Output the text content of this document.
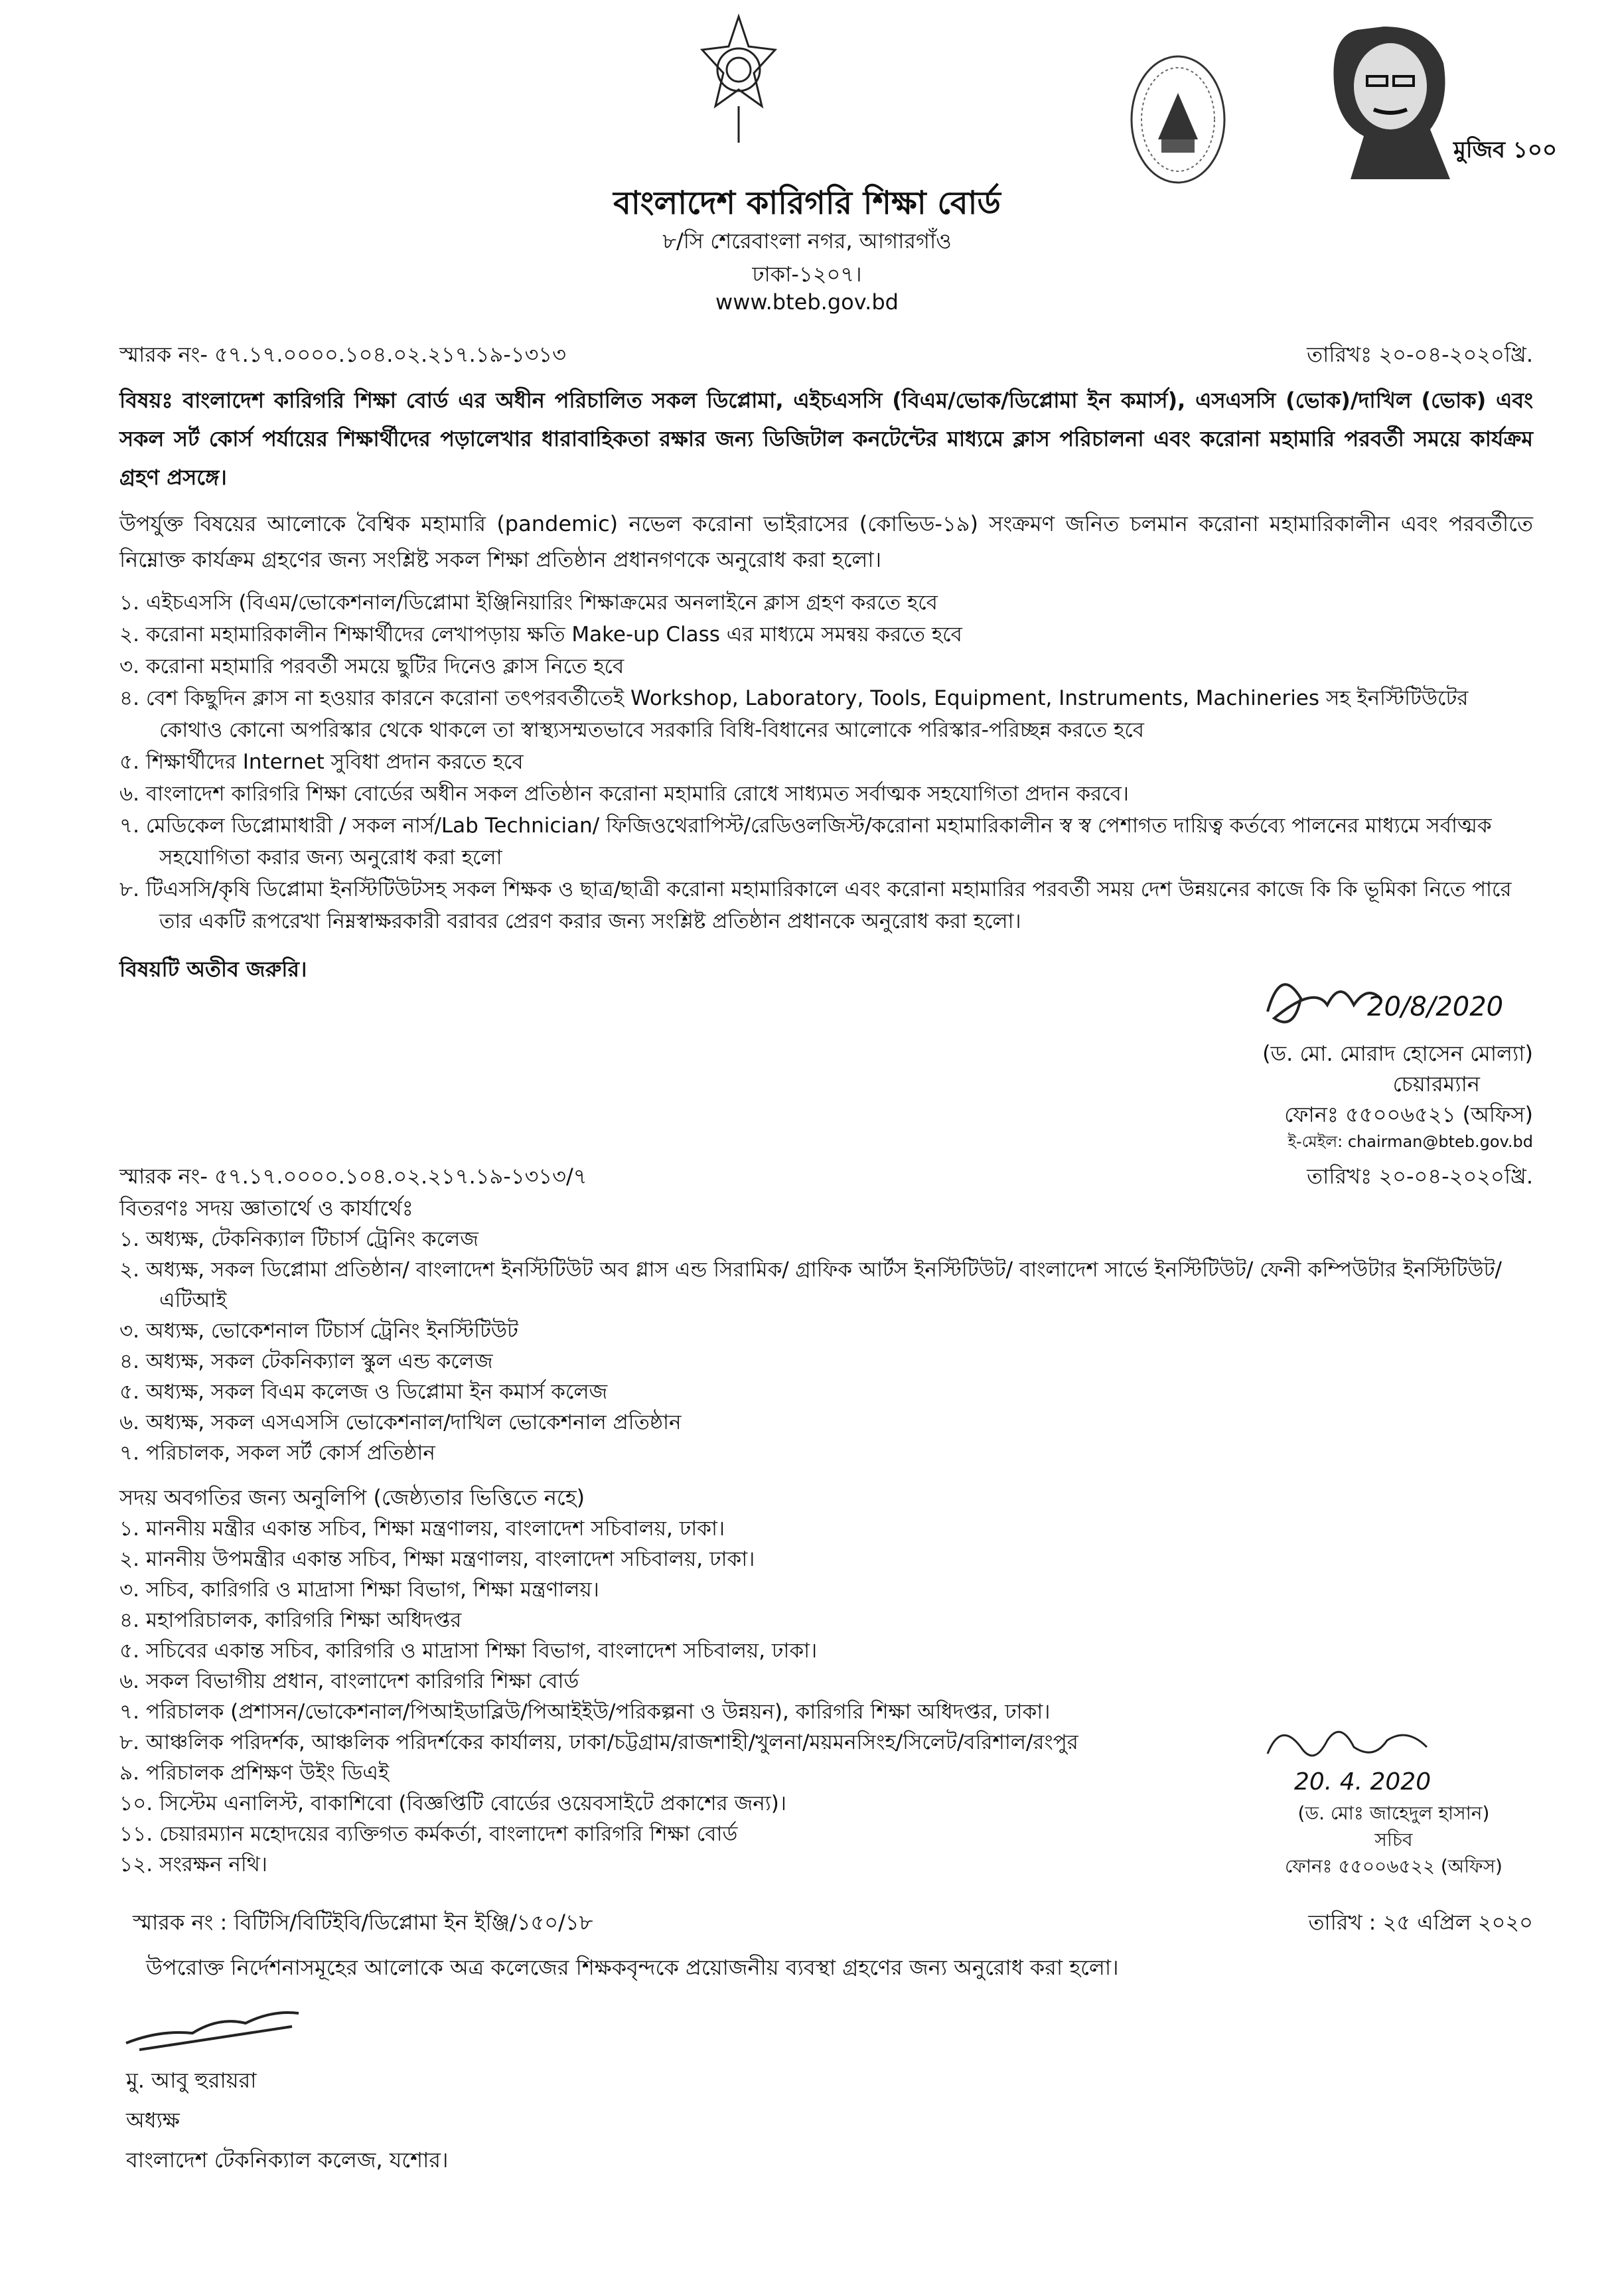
মুজিব ১০০
বাংলাদেশ কারিগরি শিক্ষা বোর্ড
৮/সি শেরেবাংলা নগর, আগারগাঁও
ঢাকা-১২০৭।
www.bteb.gov.bd
স্মারক নং- ৫৭.১৭.০০০০.১০৪.০২.২১৭.১৯-১৩১৩	তারিখঃ ২০-০৪-২০২০খ্রি.
বিষয়ঃ বাংলাদেশ কারিগরি শিক্ষা বোর্ড এর অধীন পরিচালিত সকল ডিপ্লোমা, এইচএসসি (বিএম/ভোক/ডিপ্লোমা ইন কমার্স), এসএসসি (ভোক)/দাখিল (ভোক) এবং সকল সর্ট কোর্স পর্যায়ের শিক্ষার্থীদের পড়ালেখার ধারাবাহিকতা রক্ষার জন্য ডিজিটাল কনটেন্টের মাধ্যমে ক্লাস পরিচালনা এবং করোনা মহামারি পরবর্তী সময়ে কার্যক্রম গ্রহণ প্রসঙ্গে।
উপর্যুক্ত বিষয়ের আলোকে বৈশ্বিক মহামারি (pandemic) নভেল করোনা ভাইরাসের (কোভিড-১৯) সংক্রমণ জনিত চলমান করোনা মহামারিকালীন এবং পরবর্তীতে নিম্নোক্ত কার্যক্রম গ্রহণের জন্য সংশ্লিষ্ট সকল শিক্ষা প্রতিষ্ঠান প্রধানগণকে অনুরোধ করা হলো।
১. এইচএসসি (বিএম/ভোকেশনাল/ডিপ্লোমা ইঞ্জিনিয়ারিং শিক্ষাক্রমের অনলাইনে ক্লাস গ্রহণ করতে হবে
২. করোনা মহামারিকালীন শিক্ষার্থীদের লেখাপড়ায় ক্ষতি Make-up Class এর মাধ্যমে সমন্বয় করতে হবে
৩. করোনা মহামারি পরবর্তী সময়ে ছুটির দিনেও ক্লাস নিতে হবে
৪. বেশ কিছুদিন ক্লাস না হওয়ার কারনে করোনা তৎপরবর্তীতেই Workshop, Laboratory, Tools, Equipment, Instruments, Machineries সহ ইনস্টিটিউটের কোথাও কোনো অপরিস্কার থেকে থাকলে তা স্বাস্থ্যসম্মতভাবে সরকারি বিধি-বিধানের আলোকে পরিস্কার-পরিচ্ছন্ন করতে হবে
৫. শিক্ষার্থীদের Internet সুবিধা প্রদান করতে হবে
৬. বাংলাদেশ কারিগরি শিক্ষা বোর্ডের অধীন সকল প্রতিষ্ঠান করোনা মহামারি রোধে সাধ্যমত সর্বাত্মক সহযোগিতা প্রদান করবে।
৭. মেডিকেল ডিপ্লোমাধারী / সকল নার্স/Lab Technician/ ফিজিওথেরাপিস্ট/রেডিওলজিস্ট/করোনা মহামারিকালীন স্ব স্ব পেশাগত দায়িত্ব কর্তব্যে পালনের মাধ্যমে সর্বাত্মক সহযোগিতা করার জন্য অনুরোধ করা হলো
৮. টিএসসি/কৃষি ডিপ্লোমা ইনস্টিটিউটসহ সকল শিক্ষক ও ছাত্র/ছাত্রী করোনা মহামারিকালে এবং করোনা মহামারির পরবর্তী সময় দেশ উন্নয়নের কাজে কি কি ভূমিকা নিতে পারে তার একটি রূপরেখা নিম্নস্বাক্ষরকারী বরাবর প্রেরণ করার জন্য সংশ্লিষ্ট প্রতিষ্ঠান প্রধানকে অনুরোধ করা হলো।
বিষয়টি অতীব জরুরি।
20/8/2020
(ড. মো. মোরাদ হোসেন মোল্যা)
চেয়ারম্যান
ফোনঃ ৫৫০০৬৫২১ (অফিস)
ই-মেইল: chairman@bteb.gov.bd
স্মারক নং- ৫৭.১৭.০০০০.১০৪.০২.২১৭.১৯-১৩১৩/৭	তারিখঃ ২০-০৪-২০২০খ্রি.
বিতরণঃ সদয় জ্ঞাতার্থে ও কার্যার্থেঃ
১. অধ্যক্ষ, টেকনিক্যাল টিচার্স ট্রেনিং কলেজ
২. অধ্যক্ষ, সকল ডিপ্লোমা প্রতিষ্ঠান/ বাংলাদেশ ইনস্টিটিউট অব গ্লাস এন্ড সিরামিক/ গ্রাফিক আর্টস ইনস্টিটিউট/ বাংলাদেশ সার্ভে ইনস্টিটিউট/ ফেনী কম্পিউটার ইনস্টিটিউট/ এটিআই
৩. অধ্যক্ষ, ভোকেশনাল টিচার্স ট্রেনিং ইনস্টিটিউট
৪. অধ্যক্ষ, সকল টেকনিক্যাল স্কুল এন্ড কলেজ
৫. অধ্যক্ষ, সকল বিএম কলেজ ও ডিপ্লোমা ইন কমার্স কলেজ
৬. অধ্যক্ষ, সকল এসএসসি ভোকেশনাল/দাখিল ভোকেশনাল প্রতিষ্ঠান
৭. পরিচালক, সকল সর্ট কোর্স প্রতিষ্ঠান
সদয় অবগতির জন্য অনুলিপি (জেষ্ঠ্যতার ভিত্তিতে নহে)
১. মাননীয় মন্ত্রীর একান্ত সচিব, শিক্ষা মন্ত্রণালয়, বাংলাদেশ সচিবালয়, ঢাকা।
২. মাননীয় উপমন্ত্রীর একান্ত সচিব, শিক্ষা মন্ত্রণালয়, বাংলাদেশ সচিবালয়, ঢাকা।
৩. সচিব, কারিগরি ও মাদ্রাসা শিক্ষা বিভাগ, শিক্ষা মন্ত্রণালয়।
৪. মহাপরিচালক, কারিগরি শিক্ষা অধিদপ্তর
৫. সচিবের একান্ত সচিব, কারিগরি ও মাদ্রাসা শিক্ষা বিভাগ, বাংলাদেশ সচিবালয়, ঢাকা।
৬. সকল বিভাগীয় প্রধান, বাংলাদেশ কারিগরি শিক্ষা বোর্ড
৭. পরিচালক (প্রশাসন/ভোকেশনাল/পিআইডাব্লিউ/পিআইইউ/পরিকল্পনা ও উন্নয়ন), কারিগরি শিক্ষা অধিদপ্তর, ঢাকা।
৮. আঞ্চলিক পরিদর্শক, আঞ্চলিক পরিদর্শকের কার্যালয়, ঢাকা/চট্টগ্রাম/রাজশাহী/খুলনা/ময়মনসিংহ/সিলেট/বরিশাল/রংপুর
৯. পরিচালক প্রশিক্ষণ উইং ডিএই
১০. সিস্টেম এনালিস্ট, বাকাশিবো (বিজ্ঞপ্তিটি বোর্ডের ওয়েবসাইটে প্রকাশের জন্য)।
১১. চেয়ারম্যান মহোদয়ের ব্যক্তিগত কর্মকর্তা, বাংলাদেশ কারিগরি শিক্ষা বোর্ড
১২. সংরক্ষন নথি।
20. 4. 2020
(ড. মোঃ জাহেদুল হাসান)
সচিব
ফোনঃ ৫৫০০৬৫২২ (অফিস)
স্মারক নং : বিটিসি/বিটিইবি/ডিপ্লোমা ইন ইঞ্জি/১৫০/১৮	তারিখ : ২৫ এপ্রিল ২০২০
উপরোক্ত নির্দেশনাসমূহের আলোকে অত্র কলেজের শিক্ষকবৃন্দকে প্রয়োজনীয় ব্যবস্থা গ্রহণের জন্য অনুরোধ করা হলো।
মু. আবু হুরায়রা
অধ্যক্ষ
বাংলাদেশ টেকনিক্যাল কলেজ, যশোর।
